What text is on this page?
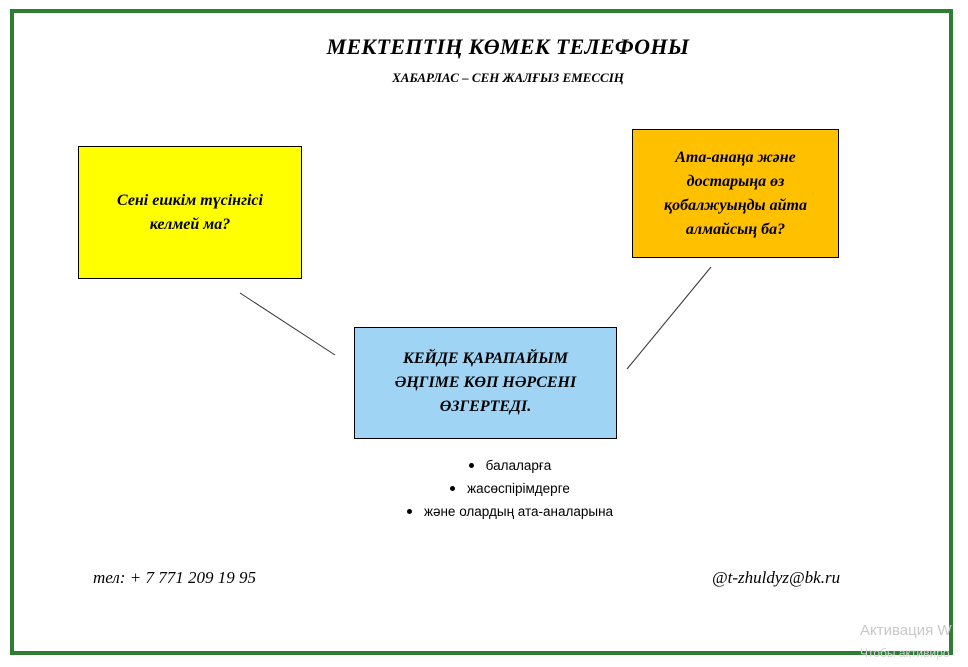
МЕКТЕПТІҢ КӨМЕК ТЕЛЕФОНЫ
ХАБАРЛАС – СЕН ЖАЛҒЫЗ ЕМЕССІҢ
Сені ешкім түсінгісі келмей ма?
Ата-анаңа және достарыңа өз қобалжуыңды айта алмайсың ба?
КЕЙДЕ ҚАРАПАЙЫМ ӘҢГІМЕ КӨП НӘРСЕНІ ӨЗГЕРТЕДІ.
балаларға
жасөспірімдерге
және олардың ата-аналарына
тел: + 7 771 209 19 95	@t-zhuldyz@bk.ru
Активация W
Чтобы активиро
